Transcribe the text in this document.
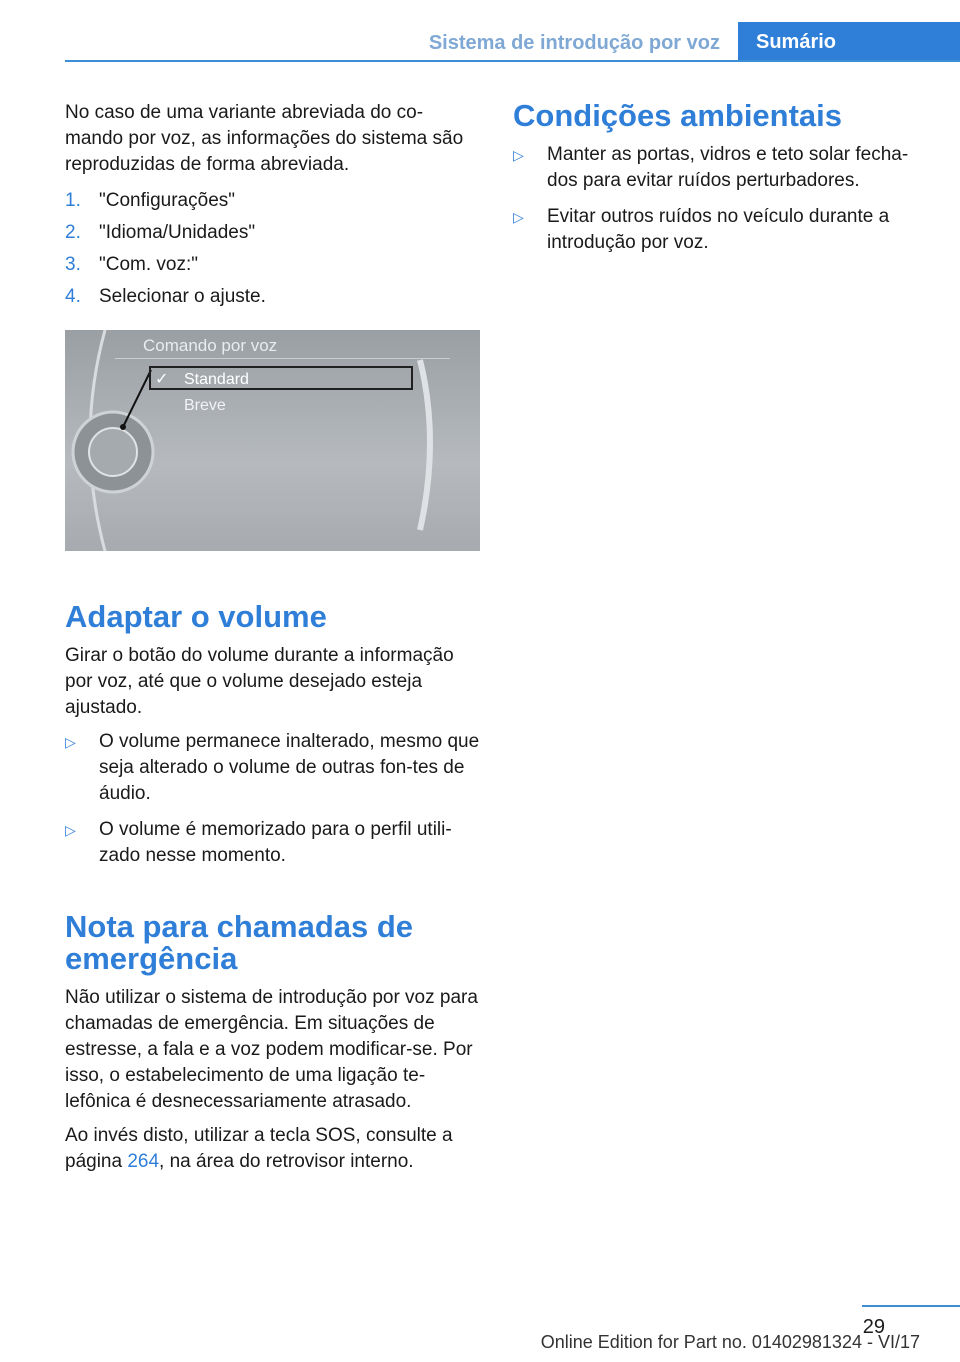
Sistema de introdução por voz	Sumário

No caso de uma variante abreviada do co-mando por voz, as informações do sistema são reproduzidas de forma abreviada.

1. "Configurações"
2. "Idioma/Unidades"
3. "Com. voz:"
4. Selecionar o ajuste.
Comando por voz
✓ Standard
Breve
Adaptar o volume

Girar o botão do volume durante a informação por voz, até que o volume desejado esteja ajustado.

▷	O volume permanece inalterado, mesmo que seja alterado o volume de outras fon-tes de áudio.
▷	O volume é memorizado para o perfil utili-zado nesse momento.
Nota para chamadas de emergência

Não utilizar o sistema de introdução por voz para chamadas de emergência. Em situações de estresse, a fala e a voz podem modificar-se. Por isso, o estabelecimento de uma ligação te-lefônica é desnecessariamente atrasado.

Ao invés disto, utilizar a tecla SOS, consulte a página 264, na área do retrovisor interno.

Condições ambientais
▷	Manter as portas, vidros e teto solar fecha-dos para evitar ruídos perturbadores.
▷	Evitar outros ruídos no veículo durante a introdução por voz.
29
Online Edition for Part no. 01402981324 - VI/17
